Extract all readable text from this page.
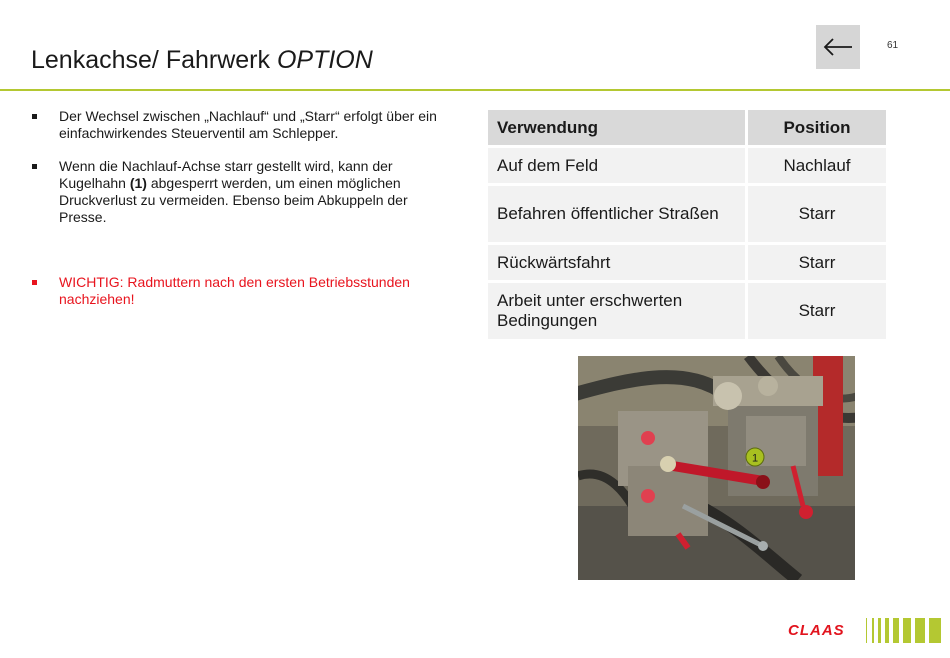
Lenkachse/ Fahrwerk OPTION
61

Der Wechsel zwischen „Nachlauf“ und „Starr“ erfolgt über ein einfachwirkendes Steuerventil am Schlepper.

Wenn die Nachlauf-Achse starr gestellt wird, kann der Kugelhahn (1) abgesperrt werden, um einen möglichen Druckverlust zu vermeiden. Ebenso beim Abkuppeln der Presse.

WICHTIG: Radmuttern nach den ersten Betriebsstunden nachziehen!

Verwendung	Position
Auf dem Feld	Nachlauf
Befahren öffentlicher Straßen	Starr
Rückwärtsfahrt	Starr
Arbeit unter erschwerten Bedingungen	Starr
1
CLAAS
